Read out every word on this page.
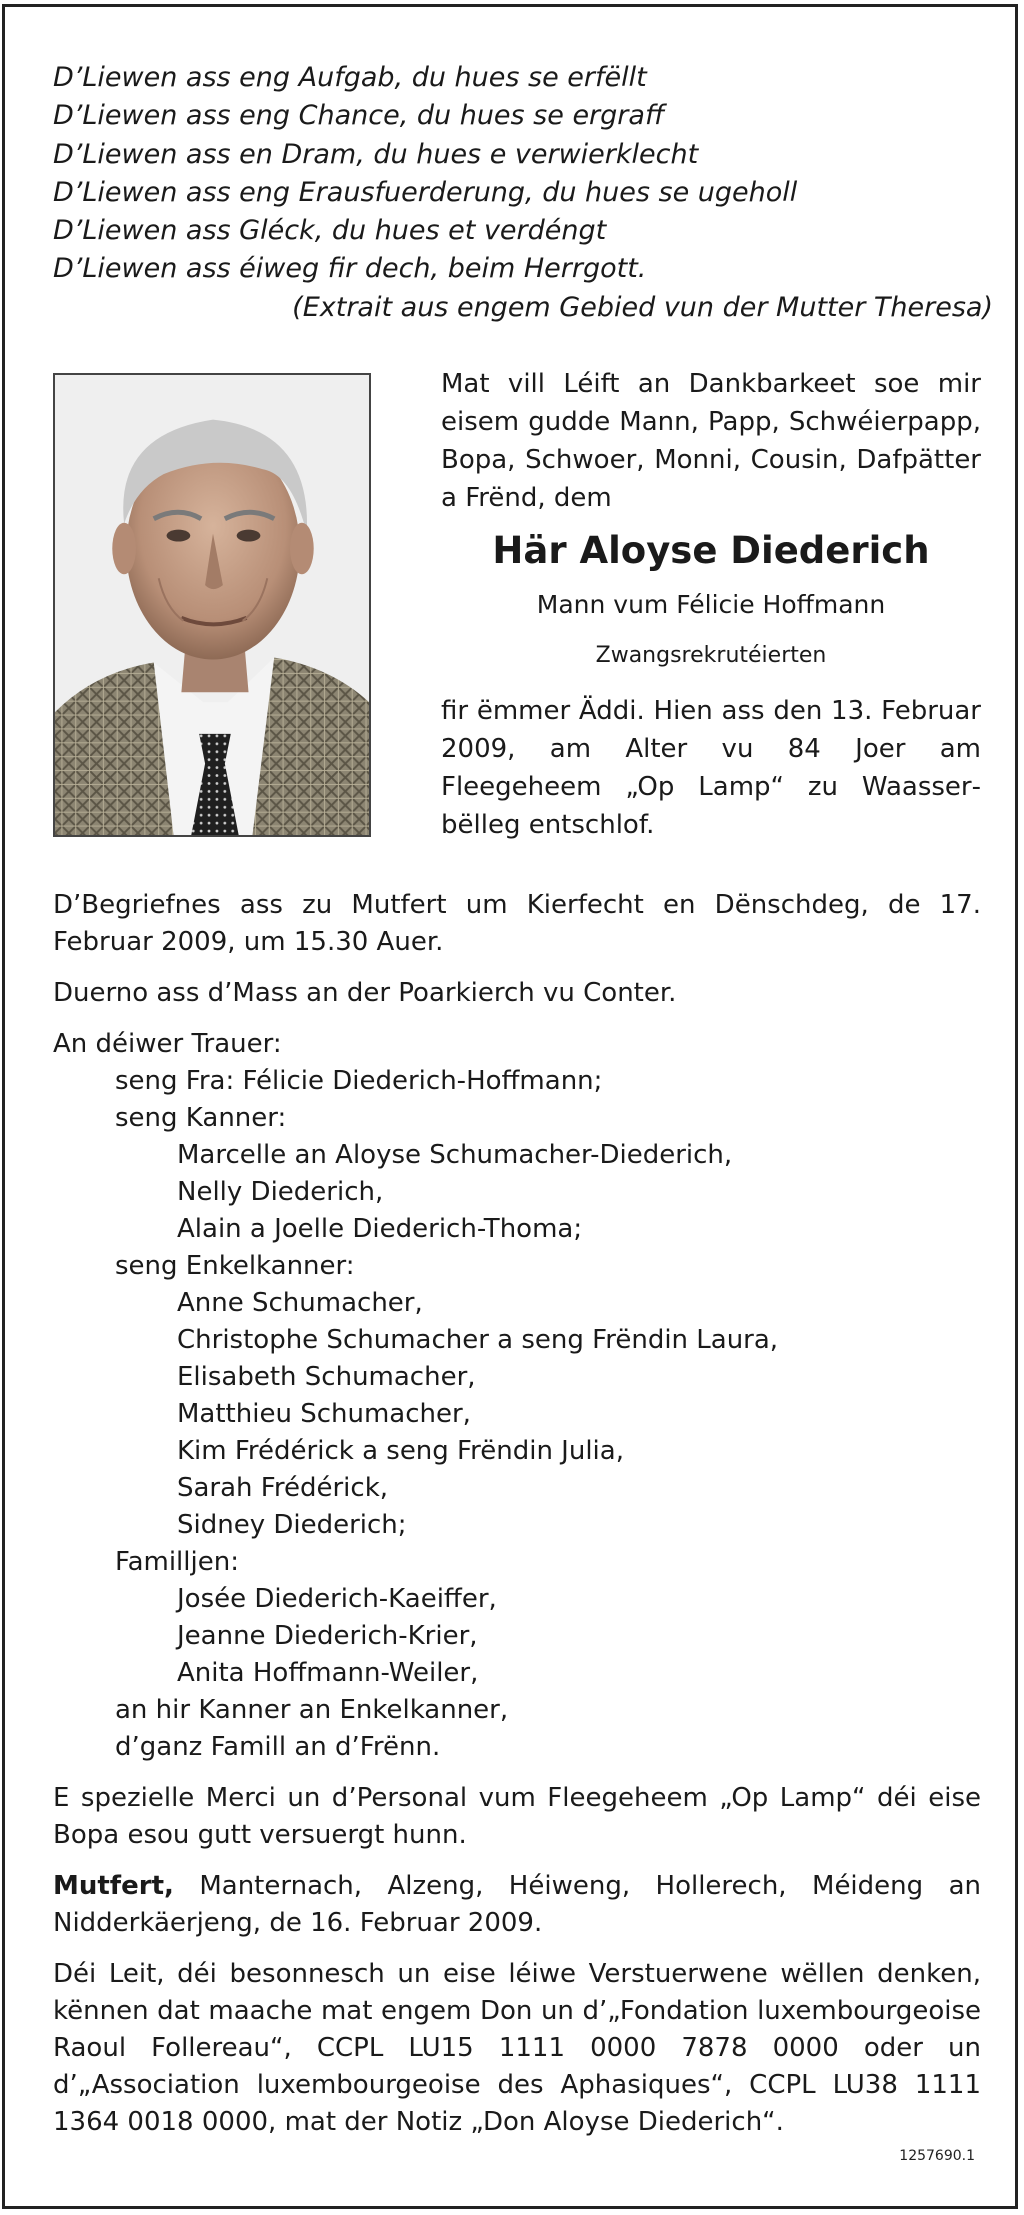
D’Liewen ass eng Aufgab, du hues se erfëllt
D’Liewen ass eng Chance, du hues se ergraff
D’Liewen ass en Dram, du hues e verwierklecht
D’Liewen ass eng Erausfuerderung, du hues se ugeholl
D’Liewen ass Gléck, du hues et verdéngt
D’Liewen ass éiweg fir dech, beim Herrgott.
(Extrait aus engem Gebied vun der Mutter Theresa)
Mat vill Léift an Dankbarkeet soe mir eisem gudde Mann, Papp, Schwéierpapp, Bopa, Schwoer, Monni, Cousin, Dafpätter a Frënd, dem
Här Aloyse Diederich
Mann vum Félicie Hoffmann
Zwangsrekrutéierten
fir ëmmer Äddi. Hien ass den 13. Februar 2009, am Alter vu 84 Joer am Fleegeheem „Op Lamp“ zu Waasserbëlleg entschlof.

D’Begriefnes ass zu Mutfert um Kierfecht en Dënschdeg, de 17. Februar 2009, um 15.30 Auer.

Duerno ass d’Mass an der Poarkierch vu Conter.

An déiwer Trauer:

seng Fra: Félicie Diederich-Hoffmann;

seng Kanner:

Marcelle an Aloyse Schumacher-Diederich,

Nelly Diederich,

Alain a Joelle Diederich-Thoma;

seng Enkelkanner:

Anne Schumacher,

Christophe Schumacher a seng Frëndin Laura,

Elisabeth Schumacher,

Matthieu Schumacher,

Kim Frédérick a seng Frëndin Julia,

Sarah Frédérick,

Sidney Diederich;

Familljen:

Josée Diederich-Kaeiffer,

Jeanne Diederich-Krier,

Anita Hoffmann-Weiler,

an hir Kanner an Enkelkanner,

d’ganz Famill an d’Frënn.

E spezielle Merci un d’Personal vum Fleegeheem „Op Lamp“ déi eise Bopa esou gutt versuergt hunn.

Mutfert, Manternach, Alzeng, Héiweng, Hollerech, Méideng an Nidderkäerjeng, de 16. Februar 2009.

Déi Leit, déi besonnesch un eise léiwe Verstuerwene wëllen denken, kënnen dat maache mat engem Don un d’„Fondation luxembourgeoise Raoul Follereau“, CCPL LU15 1111 0000 7878 0000 oder un d’„Association luxembourgeoise des Aphasiques“, CCPL LU38 1111 1364 0018 0000, mat der Notiz „Don Aloyse Diederich“.

1257690.1
